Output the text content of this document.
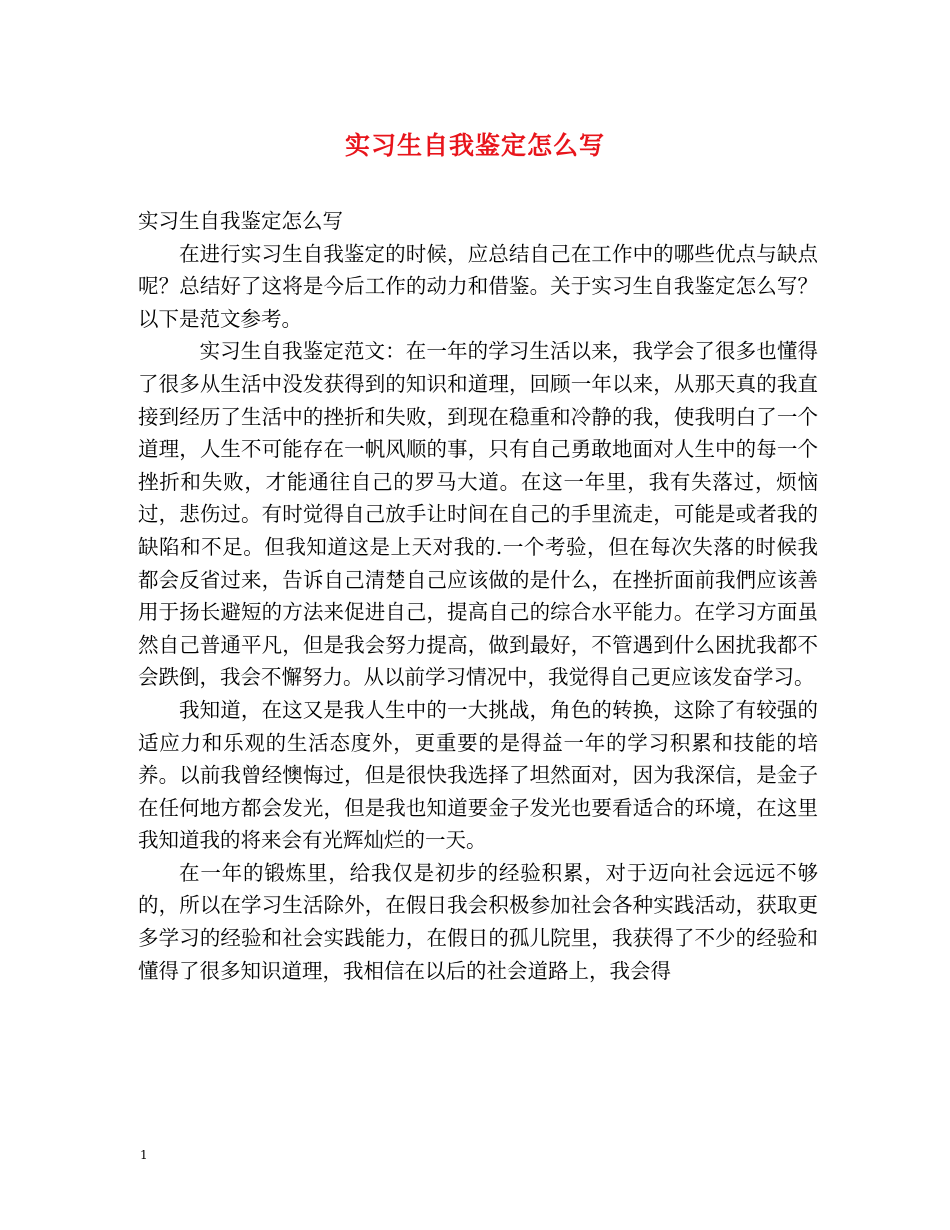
实习生自我鉴定怎么写

实习生自我鉴定怎么写

在进行实习生自我鉴定的时候，应总结自己在工作中的哪些优点与缺点呢？总结好了这将是今后工作的动力和借鉴。关于实习生自我鉴定怎么写？以下是范文参考。

实习生自我鉴定范文：在一年的学习生活以来，我学会了很多也懂得了很多从生活中没发获得到的知识和道理，回顾一年以来，从那天真的我直接到经历了生活中的挫折和失败，到现在稳重和冷静的我，使我明白了一个道理，人生不可能存在一帆风顺的事，只有自己勇敢地面对人生中的每一个挫折和失败，才能通往自己的罗马大道。在这一年里，我有失落过，烦恼过，悲伤过。有时觉得自己放手让时间在自己的手里流走，可能是或者我的缺陷和不足。但我知道这是上天对我的.一个考验，但在每次失落的时候我都会反省过来，告诉自己清楚自己应该做的是什么，在挫折面前我們应该善用于扬长避短的方法来促进自己，提高自己的综合水平能力。在学习方面虽然自己普通平凡，但是我会努力提高，做到最好，不管遇到什么困扰我都不会跌倒，我会不懈努力。从以前学习情况中，我觉得自己更应该发奋学习。

我知道，在这又是我人生中的一大挑战，角色的转换，这除了有较强的适应力和乐观的生活态度外，更重要的是得益一年的学习积累和技能的培养。以前我曾经懊悔过，但是很快我选择了坦然面对，因为我深信，是金子在任何地方都会发光，但是我也知道要金子发光也要看适合的环境，在这里我知道我的将来会有光辉灿烂的一天。

在一年的锻炼里，给我仅是初步的经验积累，对于迈向社会远远不够的，所以在学习生活除外，在假日我会积极参加社会各种实践活动，获取更多学习的经验和社会实践能力，在假日的孤儿院里，我获得了不少的经验和懂得了很多知识道理，我相信在以后的社会道路上，我会得

1
